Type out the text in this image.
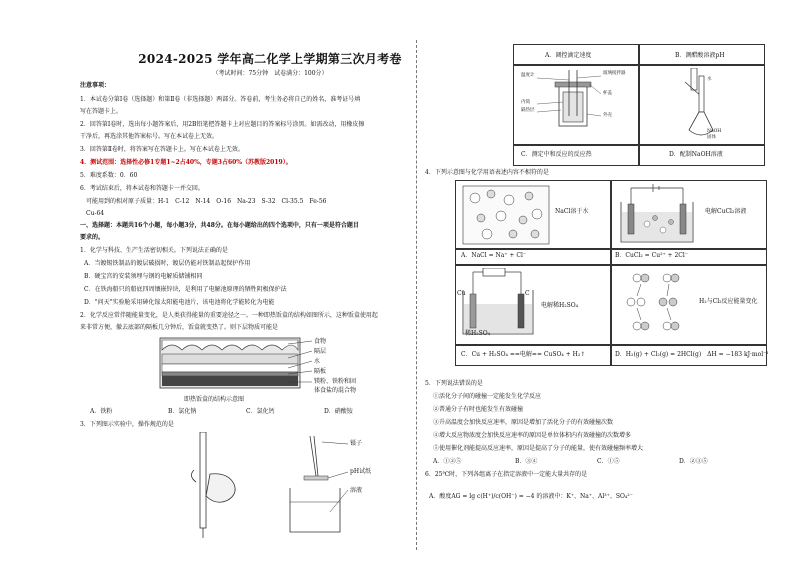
2024-2025 学年高二化学上学期第三次月考卷
（考试时间：75分钟　试卷满分：100分）
注意事项：
1．本试卷分第Ⅰ卷（选择题）和第Ⅱ卷（非选择题）两部分。答卷前，考生务必将自己的姓名、准考证号填
写在答题卡上。
2．回答第Ⅰ卷时，选出每小题答案后，用2B铅笔把答题卡上对应题目的答案标号涂黑。如需改动，用橡皮擦
干净后，再选涂其他答案标号。写在本试卷上无效。
3．回答第Ⅱ卷时，将答案写在答题卡上。写在本试卷上无效。
4．测试范围：选择性必修1专题1~2占40%，专题3占60%（苏教版2019）。
5．难度系数：0．60
6．考试结束后，将本试卷和答题卡一并交回。
可能用到的相对原子质量：H-1　C-12　N-14　O-16　Na-23　S-32　Cl-35.5　Fe-56
Cu-64
一、选择题：本题共16个小题，每小题3分，共48分。在每小题给出的四个选项中，只有一项是符合题目
要求的。
1．化学与科技、生产生活密切相关。下列说法正确的是
A．当镀锡铁制品的镀层破损时，镀层仍能对铁制品起保护作用
B．硬宝宫的安装须埋与钢的电解质储铺相同
C．在铁海船只的船底四周镶嵌锌块，是利用了电解池原理的牺牲阴极保护法
D．"问天"实验舱采用砷化镓太阳能电池片，该电池将化学能转化为电能
2．化学反应常伴随能量变化，是人类获得能量的重要途径之一。一种即热饭盒的结构如图所示，这种饭盒使用起
来非常方便，撤去底部的隔板几分钟后，饭盒就变热了。则下层物质可能是
食物
隔层
水
隔板
镁粉、铁粉和固
体食盐的混合物
即热饭盒的结构示意图
A．铁粉	B．氯化钠	C．氯化钙	D．硝酸铵
3．下列图示实验中，操作规范的是
镊子
pH试纸
溶液
A．调控滴定速度	B．测醋酸溶液pH
C．测定中和反应的反应热	D．配制NaOH溶液
温度计	玻璃搅拌器
杯盖
内筒
隔热层
外壳
水
NaOH
固体
4．下列示意图与化学用语表述内容不相符的是
NaCl溶于水
A．NaCl = Na⁺ + Cl⁻
电解CuCl₂溶液
B．CuCl₂ = Cu²⁺ + 2Cl⁻
Cu	C
稀H₂SO₄
电解稀H₂SO₄
C．Cu + H₂SO₄ ==电解== CuSO₄ + H₂↑
H₂与Cl₂反应能量变化
D．H₂(g) + Cl₂(g) = 2HCl(g)　ΔH = −183 kJ·mol⁻¹
5．下列说法错误的是
①活化分子间的碰撞一定能发生化学反应
②普通分子有时也能发生有效碰撞
③升高温度会加快反应速率，原因是增加了活化分子的有效碰撞次数
④增大反应物浓度会加快反应速率的原因是单位体积内有效碰撞的次数增多
⑤使用催化剂能提高反应速率，原因是提高了分子的能量，使有效碰撞频率增大
A．①②⑤	B．③④	C．①⑤	D．②③⑤
6．25℃时，下列各组离子在指定溶液中一定能大量共存的是
A．酸度AG = lg c(H⁺)/c(OH⁻) = −4 的溶液中：K⁺、Na⁺、Al³⁺、SO₄²⁻
